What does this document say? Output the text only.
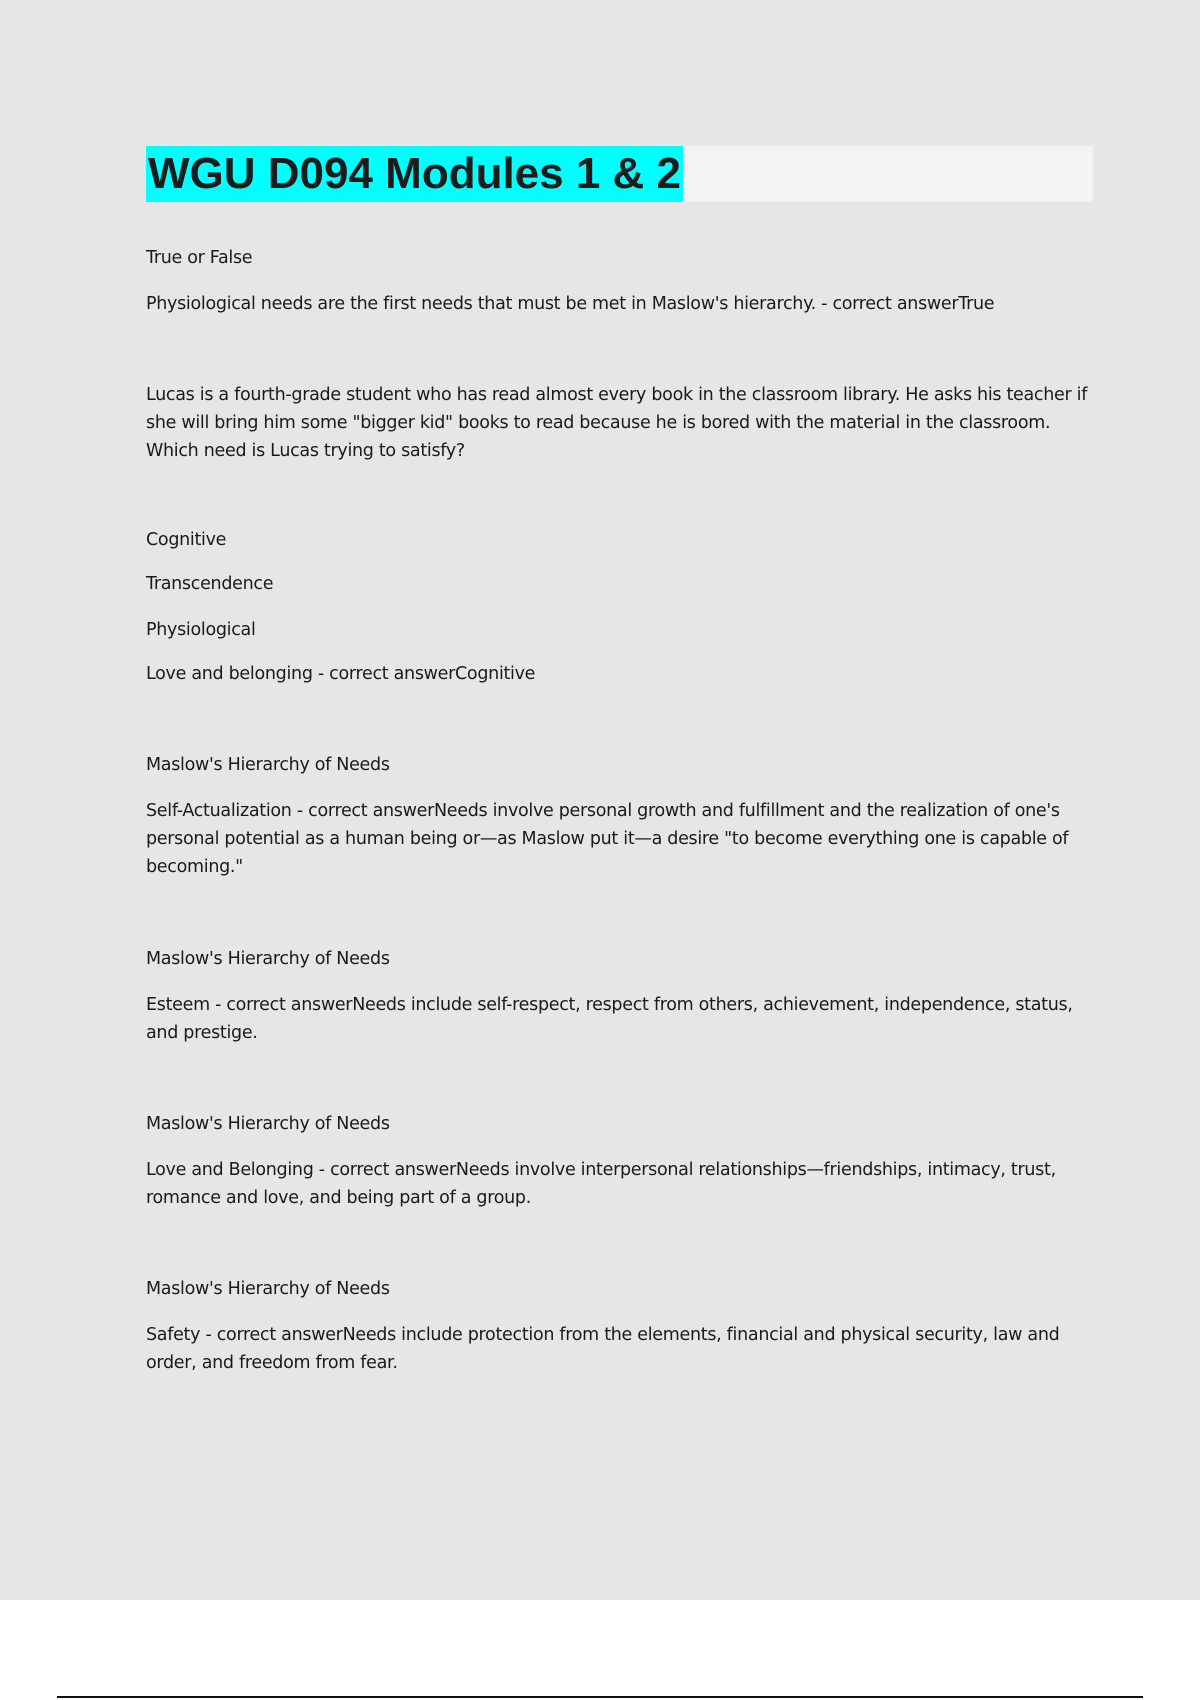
WGU D094 Modules 1 & 2

True or False

Physiological needs are the first needs that must be met in Maslow's hierarchy. - correct answerTrue

Lucas is a fourth-grade student who has read almost every book in the classroom library. He asks his teacher if she will bring him some "bigger kid" books to read because he is bored with the material in the classroom. Which need is Lucas trying to satisfy?

Cognitive

Transcendence

Physiological

Love and belonging - correct answerCognitive

Maslow's Hierarchy of Needs

Self-Actualization - correct answerNeeds involve personal growth and fulfillment and the realization of one's personal potential as a human being or—as Maslow put it—a desire "to become everything one is capable of becoming."

Maslow's Hierarchy of Needs

Esteem - correct answerNeeds include self-respect, respect from others, achievement, independence, status, and prestige.

Maslow's Hierarchy of Needs

Love and Belonging - correct answerNeeds involve interpersonal relationships—friendships, intimacy, trust, romance and love, and being part of a group.

Maslow's Hierarchy of Needs

Safety - correct answerNeeds include protection from the elements, financial and physical security, law and order, and freedom from fear.
